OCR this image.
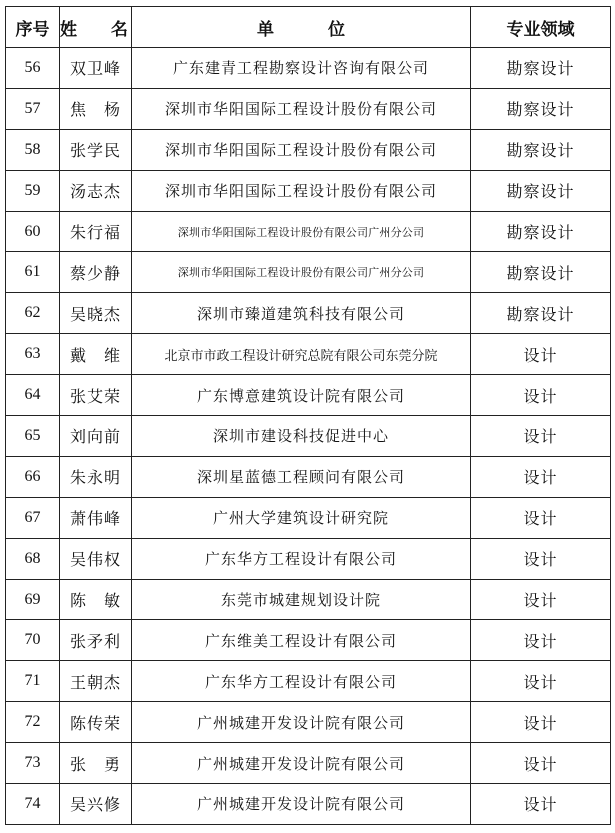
序号	姓 名	单 位	专业领域
56	双卫峰	广东建青工程勘察设计咨询有限公司	勘察设计
57	焦　杨	深圳市华阳国际工程设计股份有限公司	勘察设计
58	张学民	深圳市华阳国际工程设计股份有限公司	勘察设计
59	汤志杰	深圳市华阳国际工程设计股份有限公司	勘察设计
60	朱行福	深圳市华阳国际工程设计股份有限公司广州分公司	勘察设计
61	蔡少静	深圳市华阳国际工程设计股份有限公司广州分公司	勘察设计
62	吴晓杰	深圳市臻道建筑科技有限公司	勘察设计
63	戴　维	北京市市政工程设计研究总院有限公司东莞分院	设计
64	张艾荣	广东博意建筑设计院有限公司	设计
65	刘向前	深圳市建设科技促进中心	设计
66	朱永明	深圳星蓝德工程顾问有限公司	设计
67	萧伟峰	广州大学建筑设计研究院	设计
68	吴伟权	广东华方工程设计有限公司	设计
69	陈　敏	东莞市城建规划设计院	设计
70	张矛利	广东维美工程设计有限公司	设计
71	王朝杰	广东华方工程设计有限公司	设计
72	陈传荣	广州城建开发设计院有限公司	设计
73	张　勇	广州城建开发设计院有限公司	设计
74	吴兴修	广州城建开发设计院有限公司	设计
